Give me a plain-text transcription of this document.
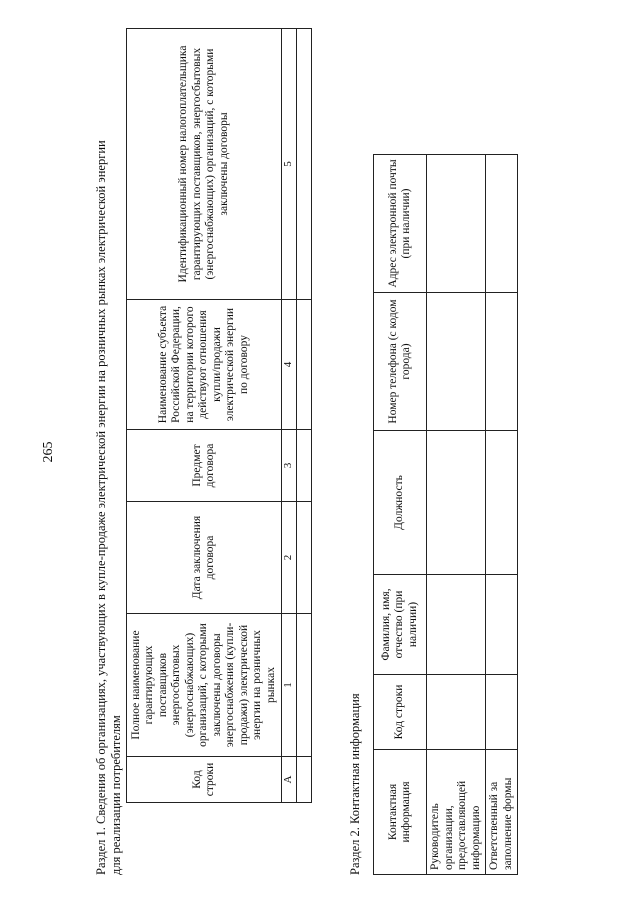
265	Раздел 1. Сведения об организациях, участвующих в купле-продаже электрической энергии на розничных рынках электрической энергии для реализации потребителям	Код строки	Полное наименование гарантирующих поставщиков энергосбытовых (энергоснабжающих) организаций, с которыми заключены договоры энергоснабжения (купли-продажи) электрической энергии на розничных рынках	Дата заключения договора	Предмет договора	Наименование субъекта Российской Федерации, на территории которого действуют отношения купли/продажи электрической энергии по договору	Идентификационный номер налогоплательщика гарантирующих поставщиков, энергосбытовых (энергоснабжающих) организаций, с которыми заключены договоры
А	1	2	3	4	5

Раздел 2. Контактная информация Контактная информация	Код строки	Фамилия, имя, отчество (при наличии)	Должность	Номер телефона (с кодом города)	Адрес электронной почты (при наличии)
Руководитель организации, предоставляющей информацию					
Ответственный за заполнение формы					
